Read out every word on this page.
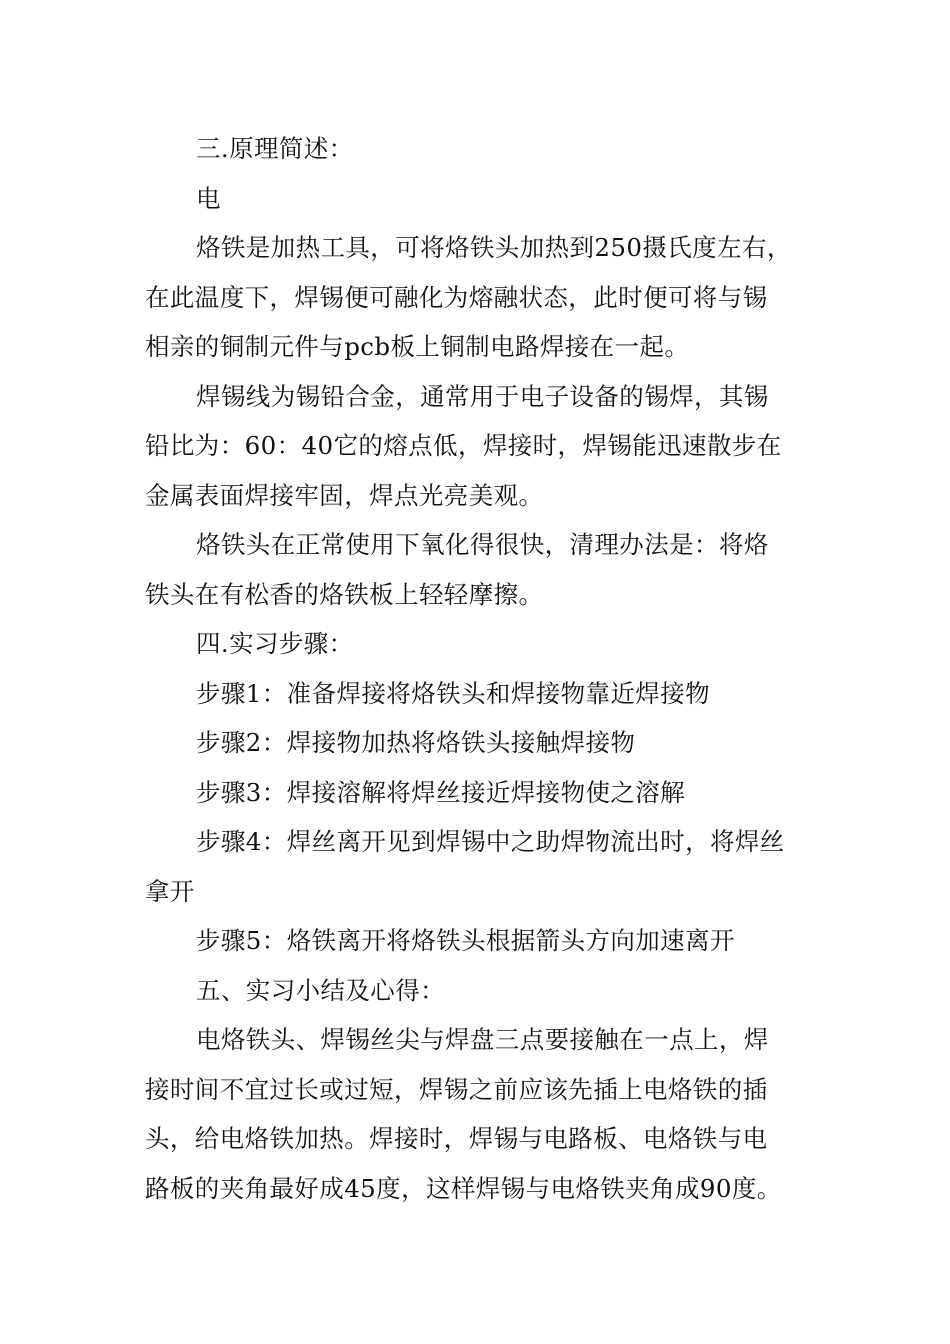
三.原理简述：
电
烙铁是加热工具，可将烙铁头加热到250摄氏度左右，
在此温度下，焊锡便可融化为熔融状态，此时便可将与锡
相亲的铜制元件与pcb板上铜制电路焊接在一起。
焊锡线为锡铅合金，通常用于电子设备的锡焊，其锡
铅比为：60：40它的熔点低，焊接时，焊锡能迅速散步在
金属表面焊接牢固，焊点光亮美观。
烙铁头在正常使用下氧化得很快，清理办法是：将烙
铁头在有松香的烙铁板上轻轻摩擦。
四.实习步骤：
步骤1：准备焊接将烙铁头和焊接物靠近焊接物
步骤2：焊接物加热将烙铁头接触焊接物
步骤3：焊接溶解将焊丝接近焊接物使之溶解
步骤4：焊丝离开见到焊锡中之助焊物流出时，将焊丝
拿开
步骤5：烙铁离开将烙铁头根据箭头方向加速离开
五、实习小结及心得：
电烙铁头、焊锡丝尖与焊盘三点要接触在一点上，焊
接时间不宜过长或过短，焊锡之前应该先插上电烙铁的插
头，给电烙铁加热。焊接时，焊锡与电路板、电烙铁与电
路板的夹角最好成45度，这样焊锡与电烙铁夹角成90度。
